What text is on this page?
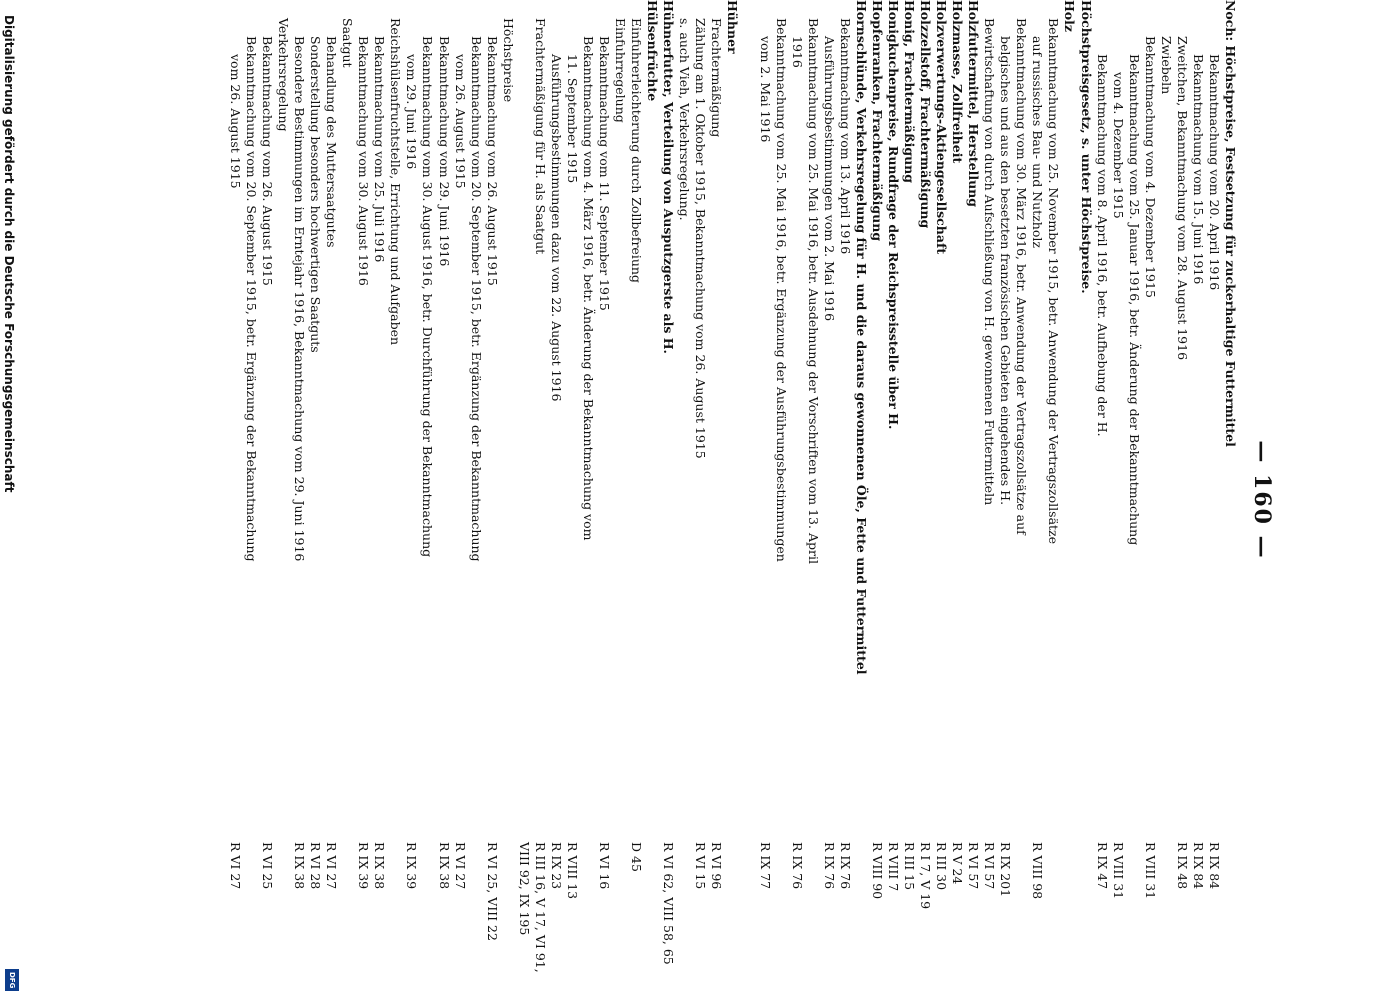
— 160 —
Noch: Höchstpreise, Festsetzung für zuckerhaltige Futtermittel
Bekanntmachung vom 20. April 1916
R IX 84
Bekanntmachung vom 15. Juni 1916
R IX 84
Zweitchen, Bekanntmachung vom 28. August 1916
R IX 48
Zwiebeln
Bekanntmachung vom 4. Dezember 1915
R VIII 31
Bekanntmachung vom 25. Januar 1916, betr. Änderung der Bekanntmachung
vom 4. Dezember 1915
R VIII 31
Bekanntmachung vom 8. April 1916, betr. Aufhebung der H.
R IX 47
Höchstpreisgesetz, s. unter Höchstpreise.
Holz
Bekanntmachung vom 25. November 1915, betr. Anwendung der Vertragszollsätze
auf russisches Bau- und Nutzholz
R VIII 98
Bekanntmachung vom 30. März 1916, betr. Anwendung der Vertragszollsätze auf
belgisches und aus den besetzten französischen Gebieten eingehendes H.
R IX 201
Bewirtschaftung von durch Aufschließung von H. gewonnenen Futtermitteln
R VI 57
Holzfuttermittel, Herstellung
R VI 57
Holzmasse, Zollfreiheit
R V 24
Holzverwertungs-Aktiengesellschaft
R III 30
Holzzellstoff, Frachtermäßigung
R I 7, V 19
Honig, Frachtermäßigung
R III 15
Honigkuchenpreise, Rundfrage der Reichspreisstelle über H.
R VIII 7
Hopfenranken, Frachtermäßigung
R VIII 90
Hornschlünde, Verkehrsregelung für H. und die daraus gewonnenen Öle, Fette und Futtermittel
Bekanntmachung vom 13. April 1916
R IX 76
Ausführungsbestimmungen vom 2. Mai 1916
R IX 76
Bekanntmachung vom 25. Mai 1916, betr. Ausdehnung der Vorschriften vom 13. April
1916
R IX 76
Bekanntmachung vom 25. Mai 1916, betr. Ergänzung der Ausführungsbestimmungen
vom 2. Mai 1916
R IX 77
Hühner
Frachtermäßigung
R VI 96
Zählung am 1. Oktober 1915, Bekanntmachung vom 26. August 1915
R VI 15
s. auch Vieh, Verkehrsregelung.
Hühnerfutter, Verteilung von Ausputzgerste als H.
R VI 62, VIII 58, 65
Hülsenfrüchte
Einfuhrerleichterung durch Zollbefreiung
D 45
Einfuhrregelung
Bekanntmachung vom 11. September 1915
R VI 16
Bekanntmachung vom 4. März 1916, betr. Änderung der Bekanntmachung vom
11. September 1915
R VIII 13
Ausführungsbestimmungen dazu vom 22. August 1916
R IX 23
Frachtermäßigung für H. als Saatgut
R III 16, V 17, VI 91,
VIII 92, IX 195
Höchstpreise
Bekanntmachung vom 26. August 1915
R VI 25, VIII 22
Bekanntmachung vom 20. September 1915, betr. Ergänzung der Bekanntmachung
vom 26. August 1915
R VI 27
Bekanntmachung vom 29. Juni 1916
R IX 38
Bekanntmachung vom 30. August 1916, betr. Durchführung der Bekanntmachung
vom 29. Juni 1916
R IX 39
Reichshülsenfruchtstelle, Errichtung und Aufgaben
Bekanntmachung vom 25. Juli 1916
R IX 38
Bekanntmachung vom 30. August 1916
R IX 39
Saatgut
Behandlung des Muttersaatgutes
R VI 27
Sonderstellung besonders hochwertigen Saatguts
R VI 28
Besondere Bestimmungen im Erntejahr 1916, Bekanntmachung vom 29. Juni 1916
R IX 38
Verkehrsregelung
Bekanntmachung vom 26. August 1915
R VI 25
Bekanntmachung vom 20. September 1915, betr. Ergänzung der Bekanntmachung
vom 26. August 1915
R VI 27
Digitalisierung gefördert durch die Deutsche Forschungsgemeinschaft
DFG
